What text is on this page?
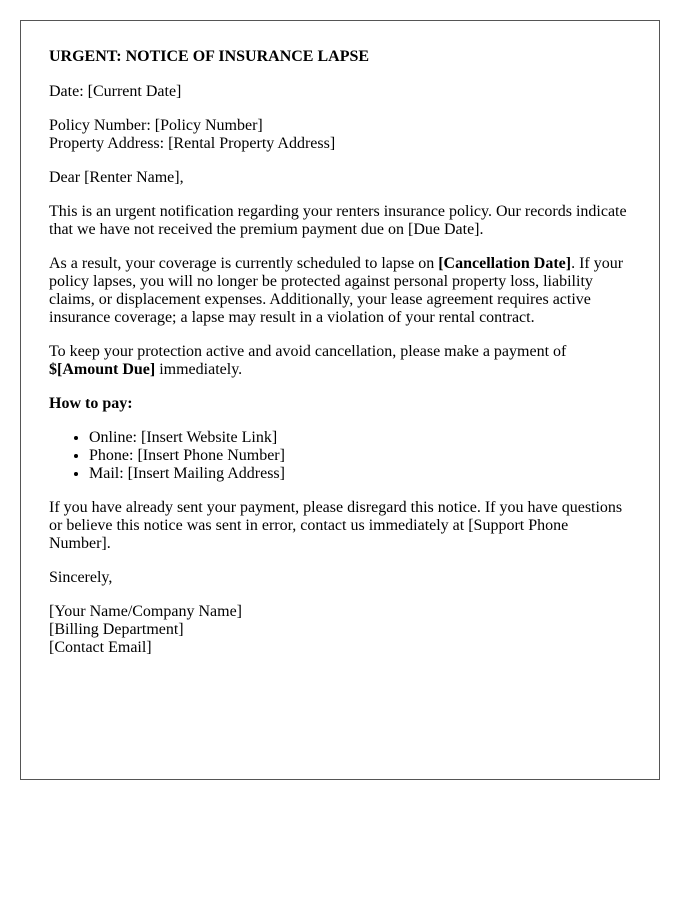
URGENT: NOTICE OF INSURANCE LAPSE

Date: [Current Date]

Policy Number: [Policy Number]
Property Address: [Rental Property Address]

Dear [Renter Name],

This is an urgent notification regarding your renters insurance policy. Our records indicate that we have not received the premium payment due on [Due Date].

As a result, your coverage is currently scheduled to lapse on [Cancellation Date]. If your policy lapses, you will no longer be protected against personal property loss, liability claims, or displacement expenses. Additionally, your lease agreement requires active insurance coverage; a lapse may result in a violation of your rental contract.

To keep your protection active and avoid cancellation, please make a payment of $[Amount Due] immediately.

How to pay:

• Online: [Insert Website Link]
• Phone: [Insert Phone Number]
• Mail: [Insert Mailing Address]

If you have already sent your payment, please disregard this notice. If you have questions or believe this notice was sent in error, contact us immediately at [Support Phone Number].

Sincerely,

[Your Name/Company Name]
[Billing Department]
[Contact Email]
